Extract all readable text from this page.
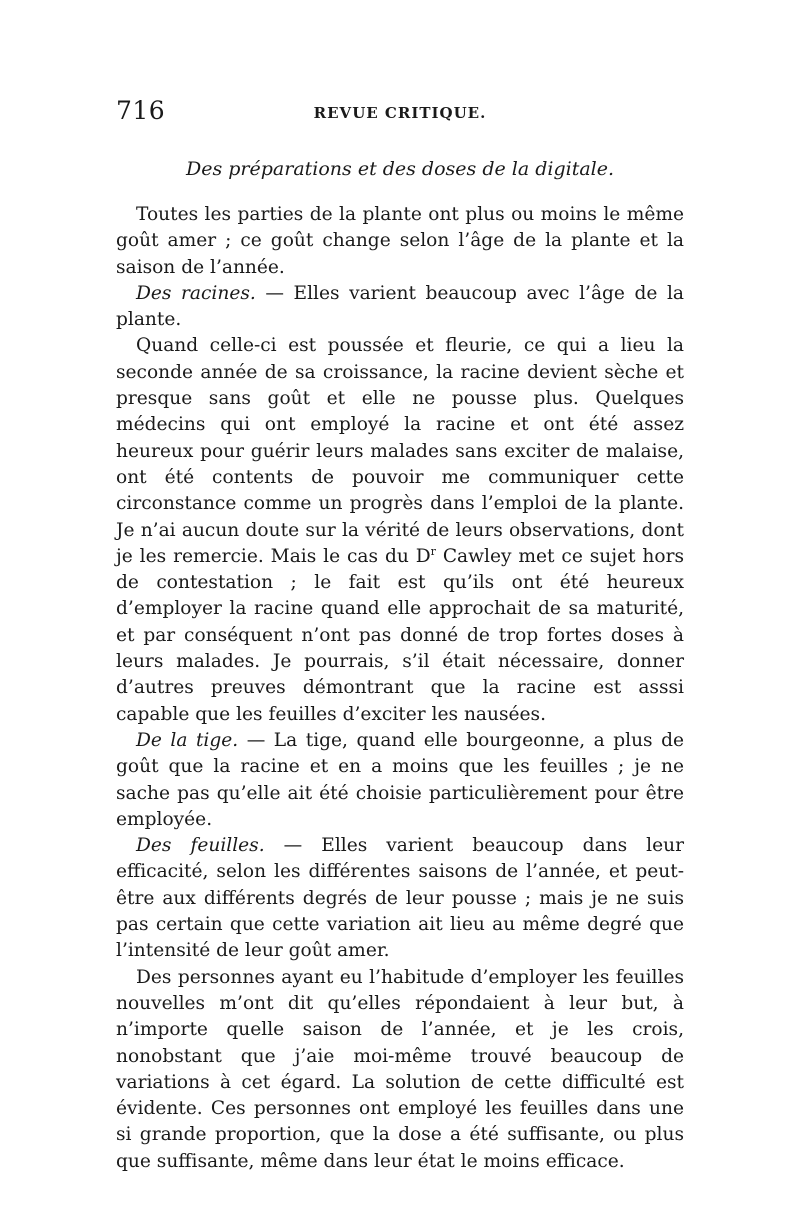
716	REVUE CRITIQUE.
Des préparations et des doses de la digitale.

Toutes les parties de la plante ont plus ou moins le même goût amer ; ce goût change selon l’âge de la plante et la saison de l’année.

Des racines. — Elles varient beaucoup avec l’âge de la plante.

Quand celle-ci est poussée et fleurie, ce qui a lieu la seconde année de sa croissance, la racine devient sèche et presque sans goût et elle ne pousse plus. Quelques médecins qui ont employé la racine et ont été assez heureux pour guérir leurs malades sans exciter de malaise, ont été contents de pouvoir me communiquer cette circonstance comme un progrès dans l’emploi de la plante. Je n’ai aucun doute sur la vérité de leurs observations, dont je les remercie. Mais le cas du $D^r$ Cawley met ce sujet hors de contestation ; le fait est qu’ils ont été heureux d’employer la racine quand elle approchait de sa maturité, et par conséquent n’ont pas donné de trop fortes doses à leurs malades. Je pourrais, s’il était nécessaire, donner d’autres preuves démontrant que la racine est asssi capable que les feuilles d’exciter les nausées.

De la tige. — La tige, quand elle bourgeonne, a plus de goût que la racine et en a moins que les feuilles ; je ne sache pas qu’elle ait été choisie particulièrement pour être employée.

Des feuilles. — Elles varient beaucoup dans leur efficacité, selon les différentes saisons de l’année, et peut-être aux différents degrés de leur pousse ; mais je ne suis pas certain que cette variation ait lieu au même degré que l’intensité de leur goût amer.

Des personnes ayant eu l’habitude d’employer les feuilles nouvelles m’ont dit qu’elles répondaient à leur but, à n’importe quelle saison de l’année, et je les crois, nonobstant que j’aie moi-même trouvé beaucoup de variations à cet égard. La solution de cette difficulté est évidente. Ces personnes ont employé les feuilles dans une si grande proportion, que la dose a été suffisante, ou plus que suffisante, même dans leur état le moins efficace.
